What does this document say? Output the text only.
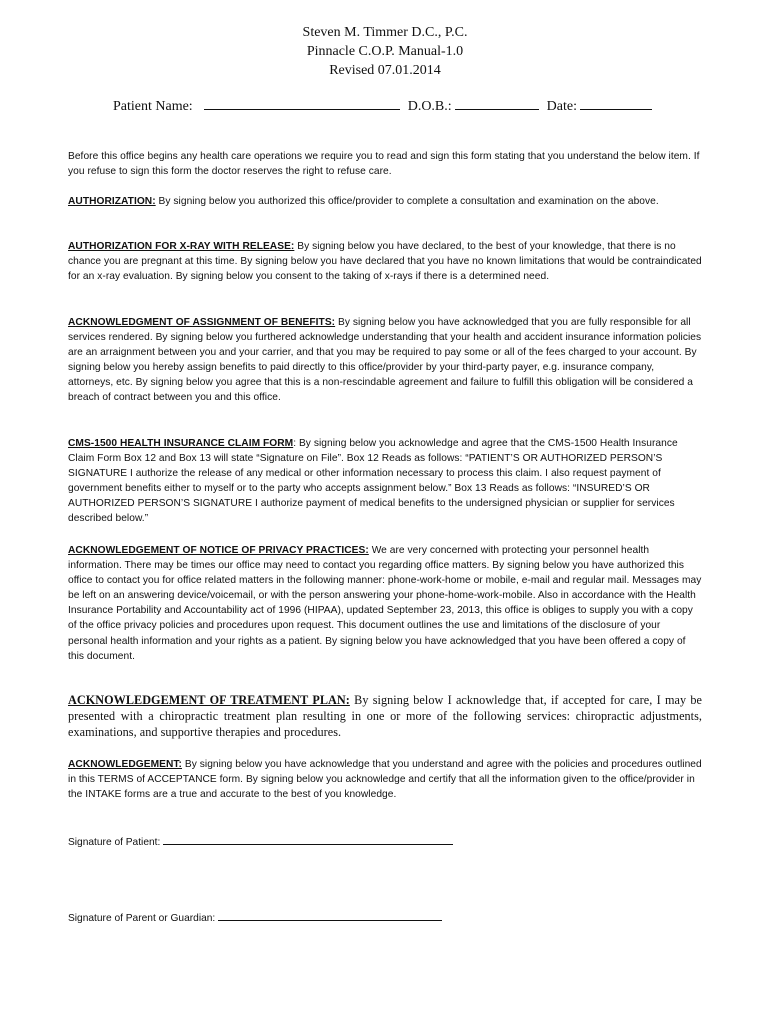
Steven M. Timmer D.C., P.C.
Pinnacle C.O.P. Manual-1.0
Revised 07.01.2014
Patient Name:	D.O.B.:	Date:
Before this office begins any health care operations we require you to read and sign this form stating that you understand the below item. If you refuse to sign this form the doctor reserves the right to refuse care.
AUTHORIZATION: By signing below you authorized this office/provider to complete a consultation and examination on the above.
AUTHORIZATION FOR X-RAY WITH RELEASE: By signing below you have declared, to the best of your knowledge, that there is no chance you are pregnant at this time. By signing below you have declared that you have no known limitations that would be contraindicated for an x-ray evaluation. By signing below you consent to the taking of x-rays if there is a determined need.
ACKNOWLEDGMENT OF ASSIGNMENT OF BENEFITS: By signing below you have acknowledged that you are fully responsible for all services rendered. By signing below you furthered acknowledge understanding that your health and accident insurance information policies are an arraignment between you and your carrier, and that you may be required to pay some or all of the fees charged to your account. By signing below you hereby assign benefits to paid directly to this office/provider by your third-party payer, e.g. insurance company, attorneys, etc. By signing below you agree that this is a non-rescindable agreement and failure to fulfill this obligation will be considered a breach of contract between you and this office.
CMS-1500 HEALTH INSURANCE CLAIM FORM: By signing below you acknowledge and agree that the CMS-1500 Health Insurance Claim Form Box 12 and Box 13 will state “Signature on File”. Box 12 Reads as follows: “PATIENT’S OR AUTHORIZED PERSON’S SIGNATURE I authorize the release of any medical or other information necessary to process this claim. I also request payment of government benefits either to myself or to the party who accepts assignment below.” Box 13 Reads as follows: “INSURED’S OR AUTHORIZED PERSON’S SIGNATURE I authorize payment of medical benefits to the undersigned physician or supplier for services described below.”
ACKNOWLEDGEMENT OF NOTICE OF PRIVACY PRACTICES: We are very concerned with protecting your personnel health information. There may be times our office may need to contact you regarding office matters. By signing below you have authorized this office to contact you for office related matters in the following manner: phone-work-home or mobile, e-mail and regular mail. Messages may be left on an answering device/voicemail, or with the person answering your phone-home-work-mobile. Also in accordance with the Health Insurance Portability and Accountability act of 1996 (HIPAA), updated September 23, 2013, this office is obliges to supply you with a copy of the office privacy policies and procedures upon request. This document outlines the use and limitations of the disclosure of your personal health information and your rights as a patient. By signing below you have acknowledged that you have been offered a copy of this document.
ACKNOWLEDGEMENT OF TREATMENT PLAN: By signing below I acknowledge that, if accepted for care, I may be presented with a chiropractic treatment plan resulting in one or more of the following services: chiropractic adjustments, examinations, and supportive therapies and procedures.
ACKNOWLEDGEMENT: By signing below you have acknowledge that you understand and agree with the policies and procedures outlined in this TERMS of ACCEPTANCE form. By signing below you acknowledge and certify that all the information given to the office/provider in the INTAKE forms are a true and accurate to the best of you knowledge.
Signature of Patient:
Signature of Parent or Guardian:
